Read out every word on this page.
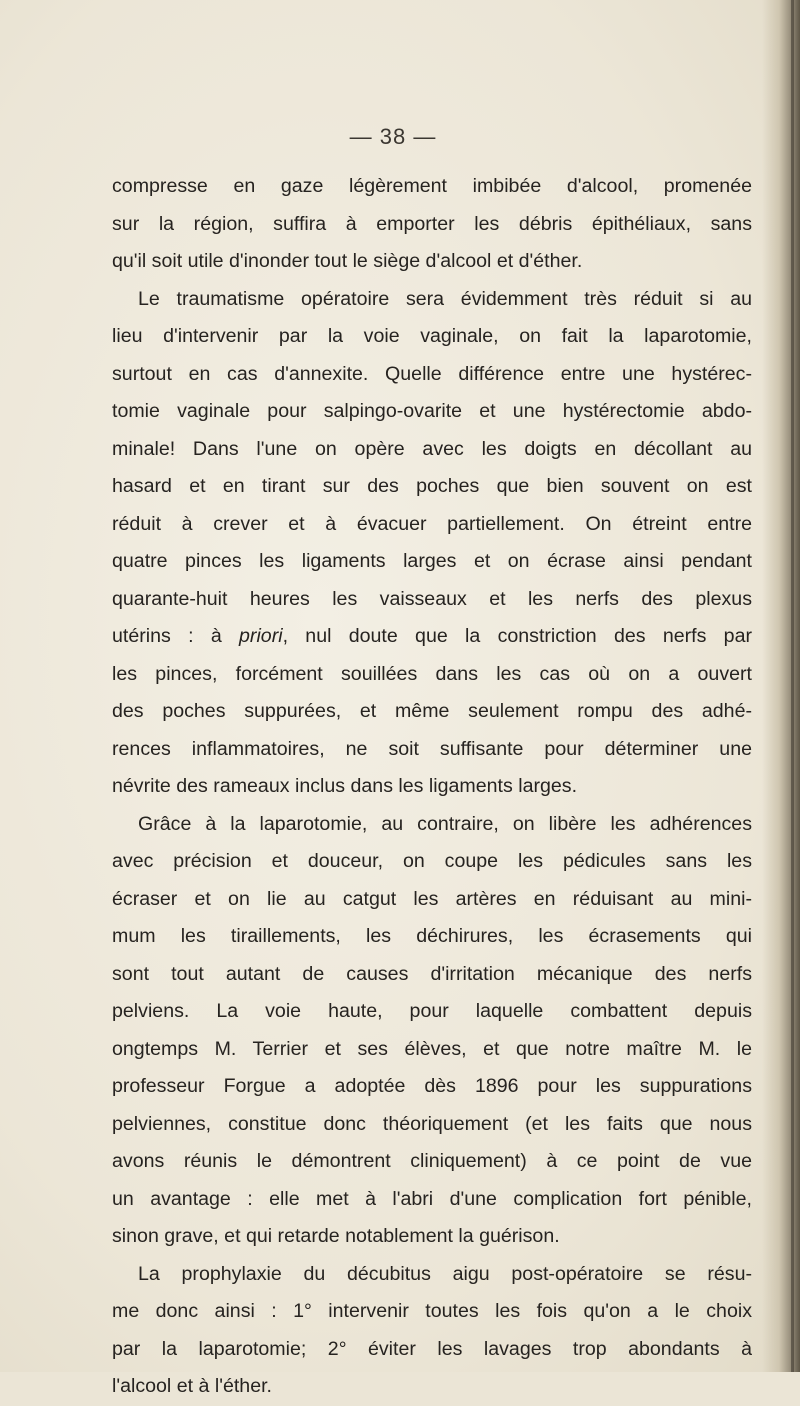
— 38 —
compresse en gaze légèrement imbibée d'alcool, promenée
sur la région, suffira à emporter les débris épithéliaux, sans
qu'il soit utile d'inonder tout le siège d'alcool et d'éther.
Le traumatisme opératoire sera évidemment très réduit si au
lieu d'intervenir par la voie vaginale, on fait la laparotomie,
surtout en cas d'annexite. Quelle différence entre une hystérec-
tomie vaginale pour salpingo-ovarite et une hystérectomie abdo-
minale! Dans l'une on opère avec les doigts en décollant au
hasard et en tirant sur des poches que bien souvent on est
réduit à crever et à évacuer partiellement. On étreint entre
quatre pinces les ligaments larges et on écrase ainsi pendant
quarante-huit heures les vaisseaux et les nerfs des plexus
utérins : à priori, nul doute que la constriction des nerfs par
les pinces, forcément souillées dans les cas où on a ouvert
des poches suppurées, et même seulement rompu des adhé-
rences inflammatoires, ne soit suffisante pour déterminer une
névrite des rameaux inclus dans les ligaments larges.
Grâce à la laparotomie, au contraire, on libère les adhérences
avec précision et douceur, on coupe les pédicules sans les
écraser et on lie au catgut les artères en réduisant au mini-
mum les tiraillements, les déchirures, les écrasements qui
sont tout autant de causes d'irritation mécanique des nerfs
pelviens. La voie haute, pour laquelle combattent depuis
ongtemps M. Terrier et ses élèves, et que notre maître M. le
professeur Forgue a adoptée dès 1896 pour les suppurations
pelviennes, constitue donc théoriquement (et les faits que nous
avons réunis le démontrent cliniquement) à ce point de vue
un avantage : elle met à l'abri d'une complication fort pénible,
sinon grave, et qui retarde notablement la guérison.
La prophylaxie du décubitus aigu post-opératoire se résu-
me donc ainsi : 1° intervenir toutes les fois qu'on a le choix
par la laparotomie; 2° éviter les lavages trop abondants à
l'alcool et à l'éther.
